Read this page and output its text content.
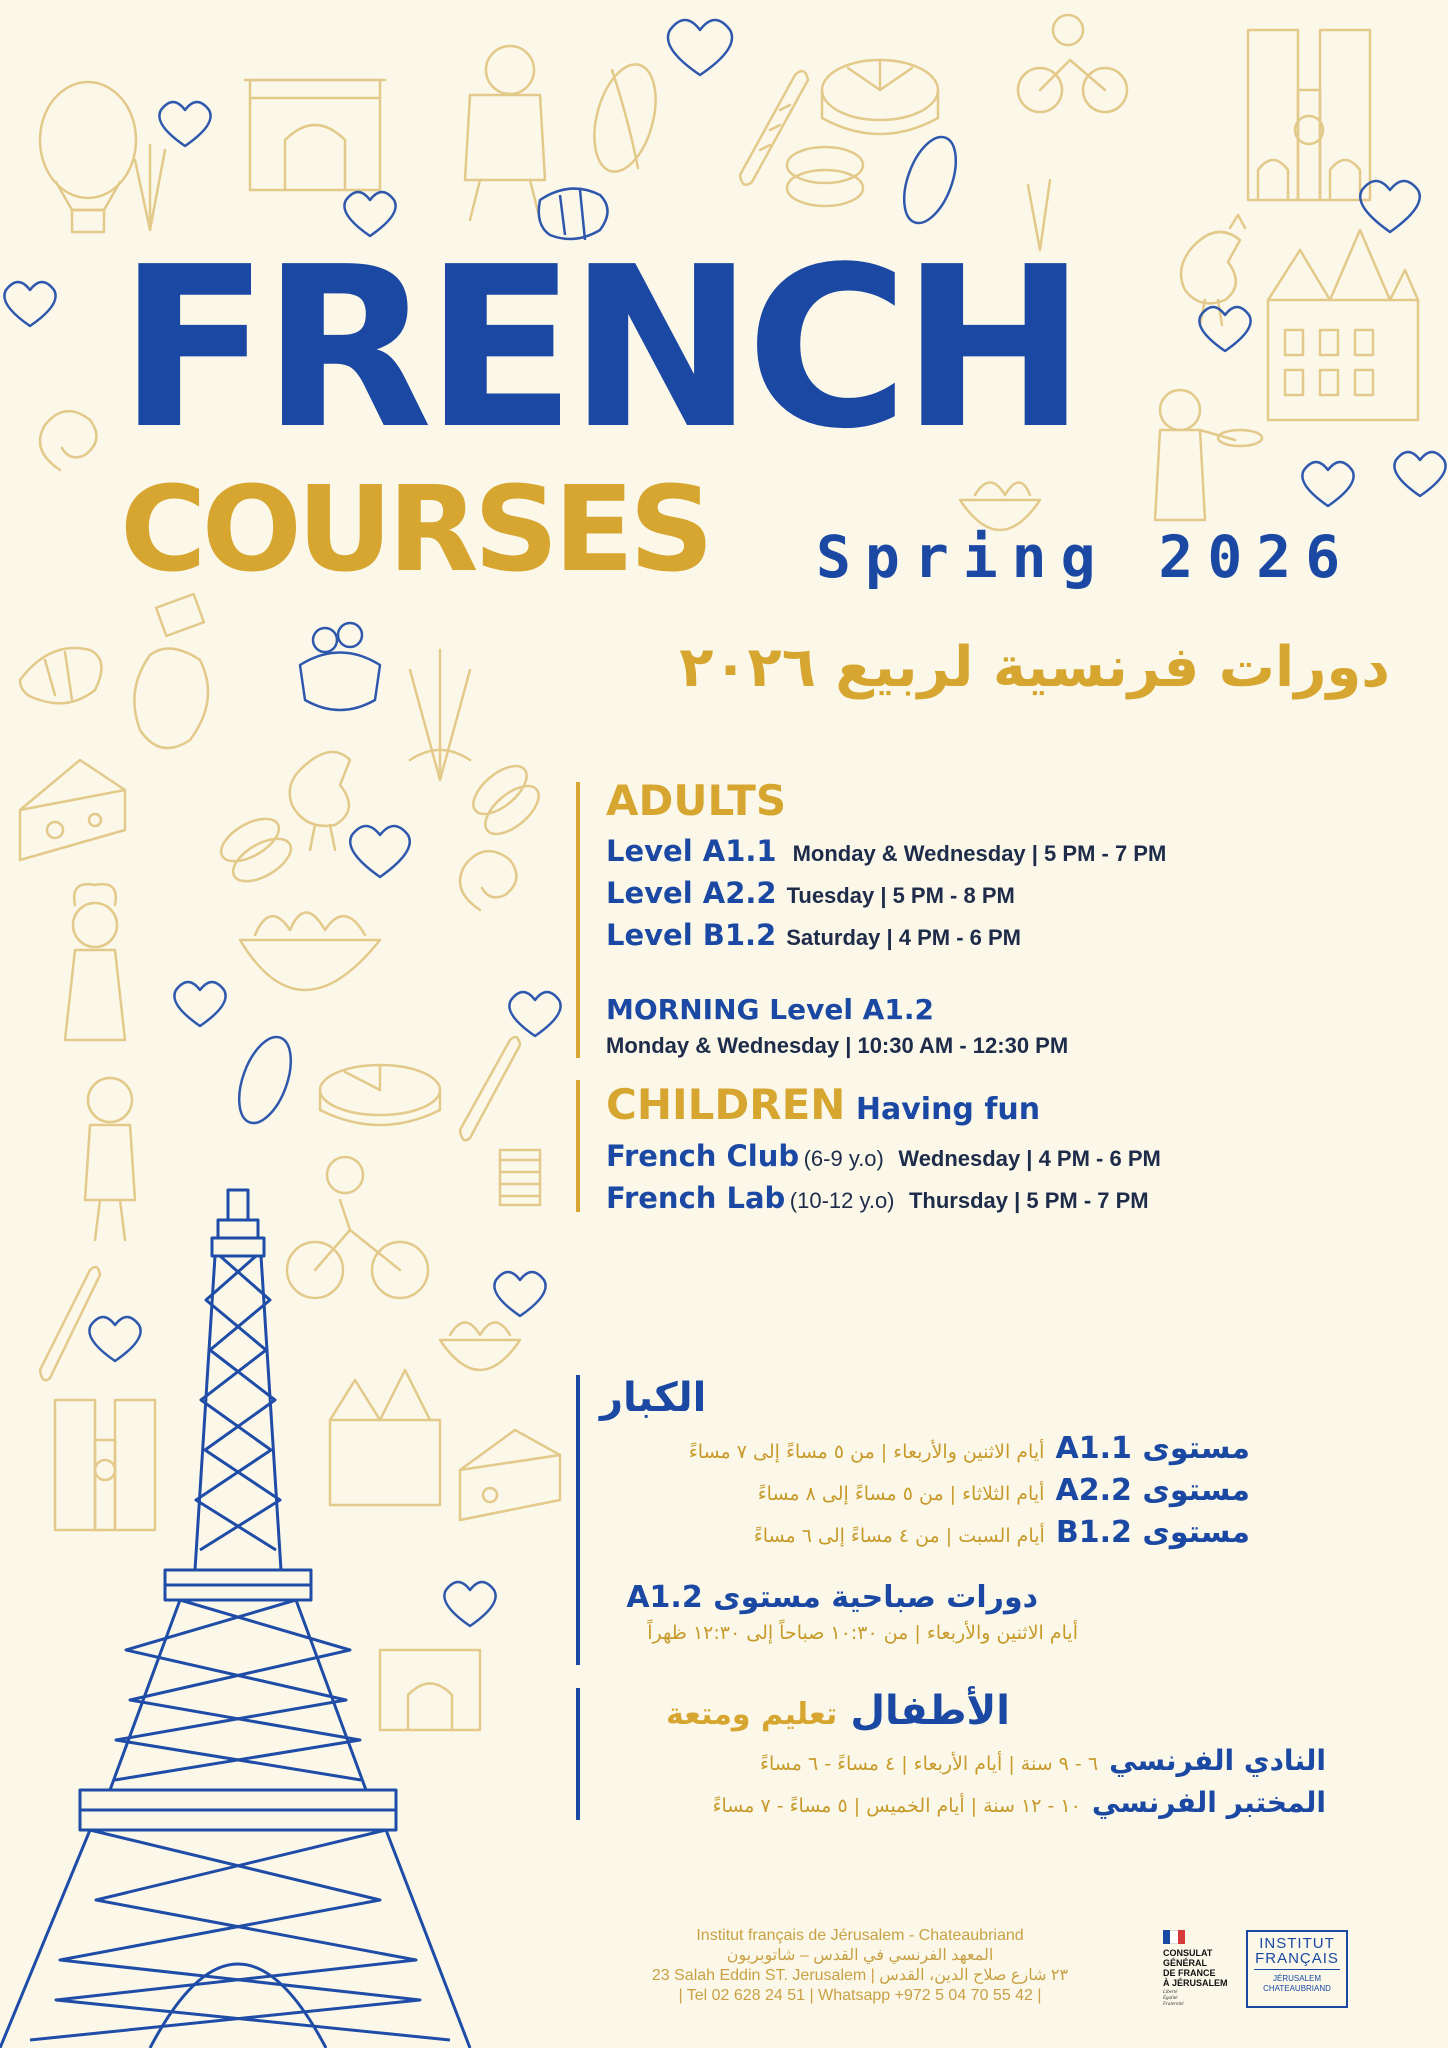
FRENCH
COURSES Spring 2026
دورات فرنسية لربيع ٢٠٢٦
ADULTS
Level A1.1 Monday & Wednesday | 5 PM - 7 PM
Level A2.2 Tuesday | 5 PM - 8 PM
Level B1.2 Saturday | 4 PM - 6 PM
MORNING Level A1.2
Monday & Wednesday | 10:30 AM - 12:30 PM
CHILDREN Having fun
French Club (6-9 y.o) Wednesday | 4 PM - 6 PM
French Lab (10-12 y.o) Thursday | 5 PM - 7 PM
الكبار
مستوى A1.1 أيام الاثنين والأربعاء | من ٥ مساءً إلى ٧ مساءً
مستوى A2.2 أيام الثلاثاء | من ٥ مساءً إلى ٨ مساءً
مستوى B1.2 أيام السبت | من ٤ مساءً إلى ٦ مساءً
دورات صباحية مستوى A1.2
أيام الاثنين والأربعاء | من ١٠:٣٠ صباحاً إلى ١٢:٣٠ ظهراً
الأطفال تعليم ومتعة
النادي الفرنسي ٦ - ٩ سنة | أيام الأربعاء | ٤ مساءً - ٦ مساءً
المختبر الفرنسي ١٠ - ١٢ سنة | أيام الخميس | ٥ مساءً - ٧ مساءً
Institut français de Jérusalem - Chateaubriand
المعهد الفرنسي في القدس – شاتوبريون
23 Salah Eddin ST. Jerusalem | ٢٣ شارع صلاح الدين، القدس
| Tel 02 628 24 51 | Whatsapp +972 5 04 70 55 42 |
CONSULAT
GÉNÉRAL
DE FRANCE
À JÉRUSALEM
Liberté
Égalité
Fraternité
INSTITUT
FRANÇAIS
JÉRUSALEM
CHATEAUBRIAND
